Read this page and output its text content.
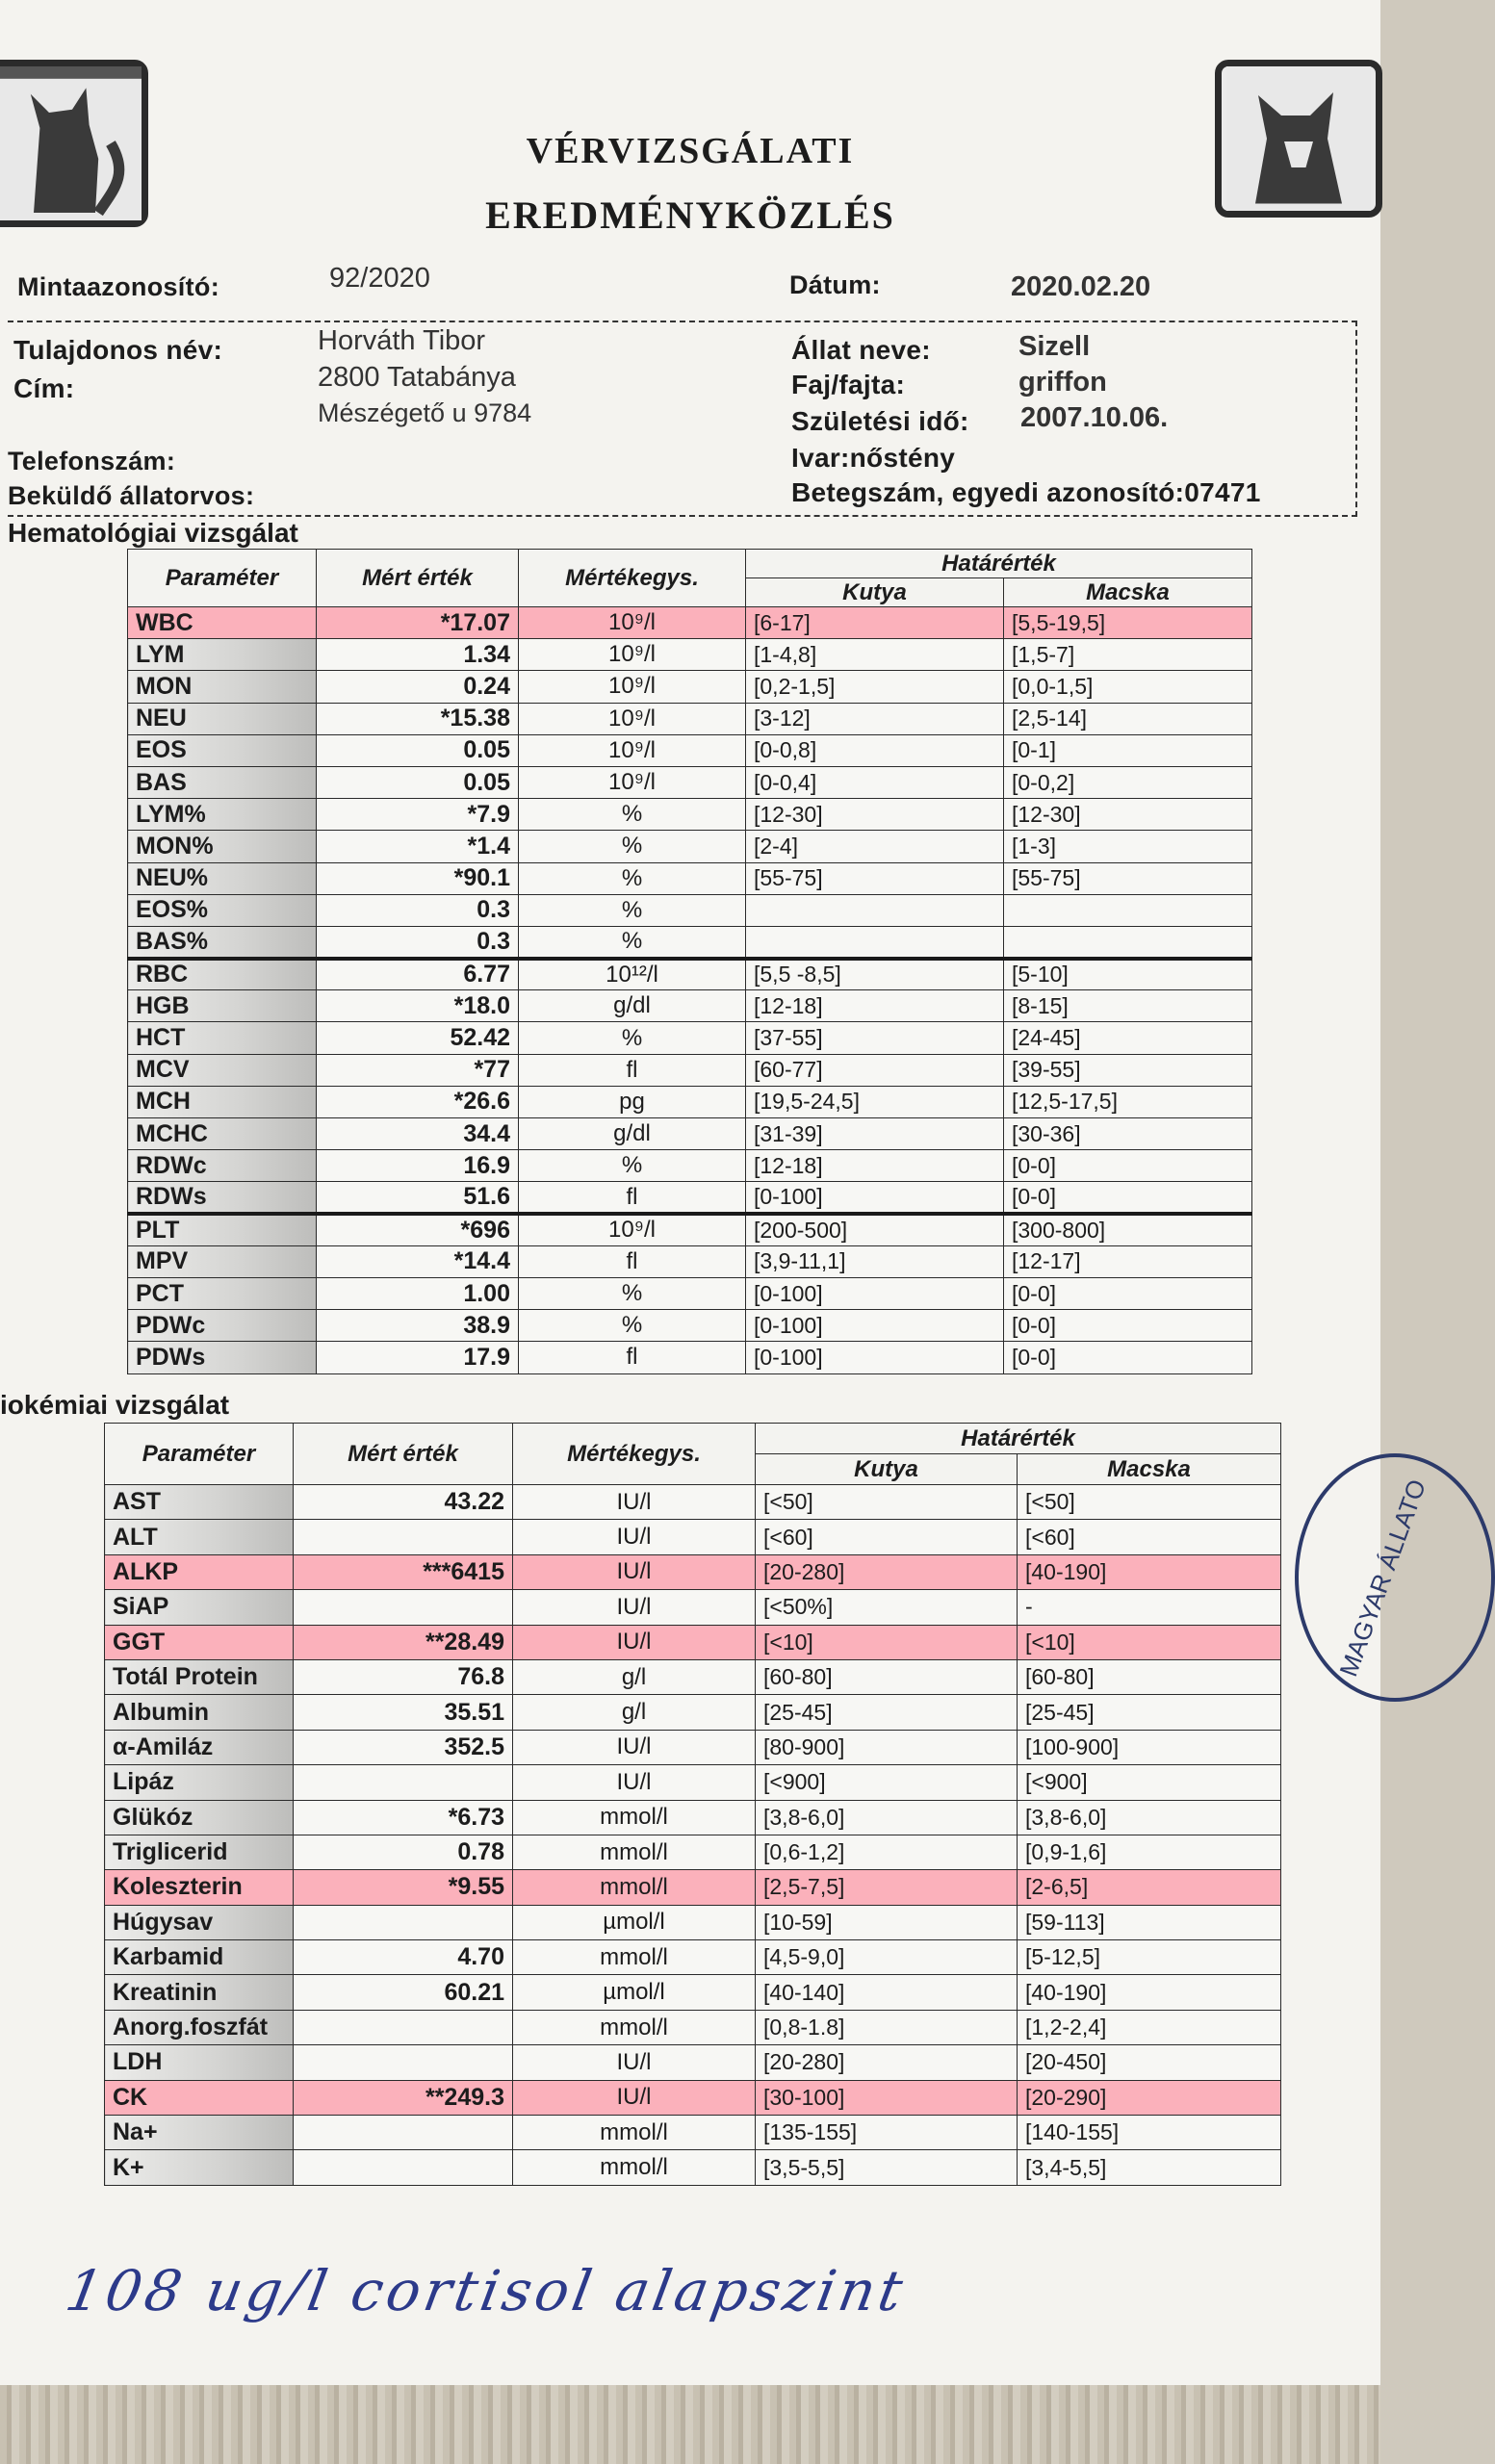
VÉRVIZSGÁLATI
EREDMÉNYKÖZLÉS
Mintaazonosító:	92/2020	Dátum:	2020.02.20
Tulajdonos név:	Horváth Tibor
Cím:	2800 Tatabánya
Mészégető u 9784
Telefonszám:
Beküldő állatorvos:
Állat neve:	Sizell
Faj/fajta:	griffon
Születési idő: 2007.10.06.
Ivar:nőstény
Betegszám, egyedi azonosító:07471
Hematológiai vizsgálat
Paraméter	Mért érték	Mértékegys.	Határérték	
			Kutya	Macska
WBC	*17.07	10⁹/l	[6-17]	[5,5-19,5]
LYM	1.34	10⁹/l	[1-4,8]	[1,5-7]
MON	0.24	10⁹/l	[0,2-1,5]	[0,0-1,5]
NEU	*15.38	10⁹/l	[3-12]	[2,5-14]
EOS	0.05	10⁹/l	[0-0,8]	[0-1]
BAS	0.05	10⁹/l	[0-0,4]	[0-0,2]
LYM%	*7.9	%	[12-30]	[12-30]
MON%	*1.4	%	[2-4]	[1-3]
NEU%	*90.1	%	[55-75]	[55-75]
EOS%	0.3	%		
BAS%	0.3	%		
RBC	6.77	10¹²/l	[5,5 -8,5]	[5-10]
HGB	*18.0	g/dl	[12-18]	[8-15]
HCT	52.42	%	[37-55]	[24-45]
MCV	*77	fl	[60-77]	[39-55]
MCH	*26.6	pg	[19,5-24,5]	[12,5-17,5]
MCHC	34.4	g/dl	[31-39]	[30-36]
RDWc	16.9	%	[12-18]	[0-0]
RDWs	51.6	fl	[0-100]	[0-0]
PLT	*696	10⁹/l	[200-500]	[300-800]
MPV	*14.4	fl	[3,9-11,1]	[12-17]
PCT	1.00	%	[0-100]	[0-0]
PDWc	38.9	%	[0-100]	[0-0]
PDWs	17.9	fl	[0-100]	[0-0]
iokémiai vizsgálat
Paraméter	Mért érték	Mértékegys.	Határérték	
			Kutya	Macska
AST	43.22	IU/l	[<50]	[<50]
ALT		IU/l	[<60]	[<60]
ALKP	***6415	IU/l	[20-280]	[40-190]
SiAP		IU/l	[<50%]	-
GGT	**28.49	IU/l	[<10]	[<10]
Totál Protein	76.8	g/l	[60-80]	[60-80]
Albumin	35.51	g/l	[25-45]	[25-45]
α-Amiláz	352.5	IU/l	[80-900]	[100-900]
Lipáz		IU/l	[<900]	[<900]
Glükóz	*6.73	mmol/l	[3,8-6,0]	[3,8-6,0]
Triglicerid	0.78	mmol/l	[0,6-1,2]	[0,9-1,6]
Koleszterin	*9.55	mmol/l	[2,5-7,5]	[2-6,5]
Húgysav		µmol/l	[10-59]	[59-113]
Karbamid	4.70	mmol/l	[4,5-9,0]	[5-12,5]
Kreatinin	60.21	µmol/l	[40-140]	[40-190]
Anorg.foszfát		mmol/l	[0,8-1.8]	[1,2-2,4]
LDH		IU/l	[20-280]	[20-450]
CK	**249.3	IU/l	[30-100]	[20-290]
Na+		mmol/l	[135-155]	[140-155]
K+		mmol/l	[3,5-5,5]	[3,4-5,5]
MAGYAR ÁLLATO
108 ug/l cortisol alapszint
